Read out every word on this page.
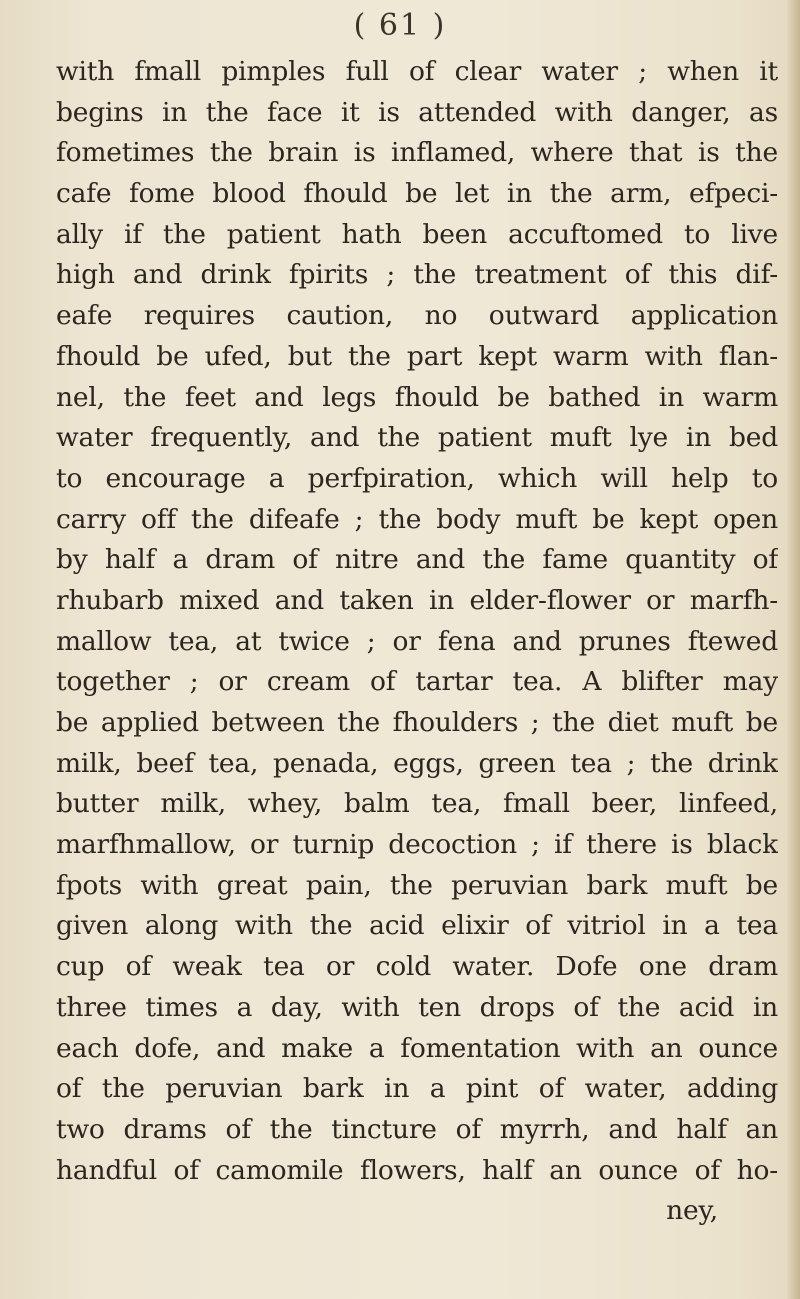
( 61 )
with fmall pimples full of clear water ; when it
begins in the face it is attended with danger, as
fometimes the brain is inflamed, where that is the
cafe fome blood fhould be let in the arm, efpeci-
ally if the patient hath been accuftomed to live
high and drink fpirits ; the treatment of this dif-
eafe requires caution, no outward application
fhould be ufed, but the part kept warm with flan-
nel, the feet and legs fhould be bathed in warm
water frequently, and the patient muft lye in bed
to encourage a perfpiration, which will help to
carry off the difeafe ; the body muft be kept open
by half a dram of nitre and the fame quantity of
rhubarb mixed and taken in elder-flower or marfh-
mallow tea, at twice ; or fena and prunes ftewed
together ; or cream of tartar tea. A blifter may
be applied between the fhoulders ; the diet muft be
milk, beef tea, penada, eggs, green tea ; the drink
butter milk, whey, balm tea, fmall beer, linfeed,
marfhmallow, or turnip decoction ; if there is black
fpots with great pain, the peruvian bark muft be
given along with the acid elixir of vitriol in a tea
cup of weak tea or cold water. Dofe one dram
three times a day, with ten drops of the acid in
each dofe, and make a fomentation with an ounce
of the peruvian bark in a pint of water, adding
two drams of the tincture of myrrh, and half an
handful of camomile flowers, half an ounce of ho-
ney,
